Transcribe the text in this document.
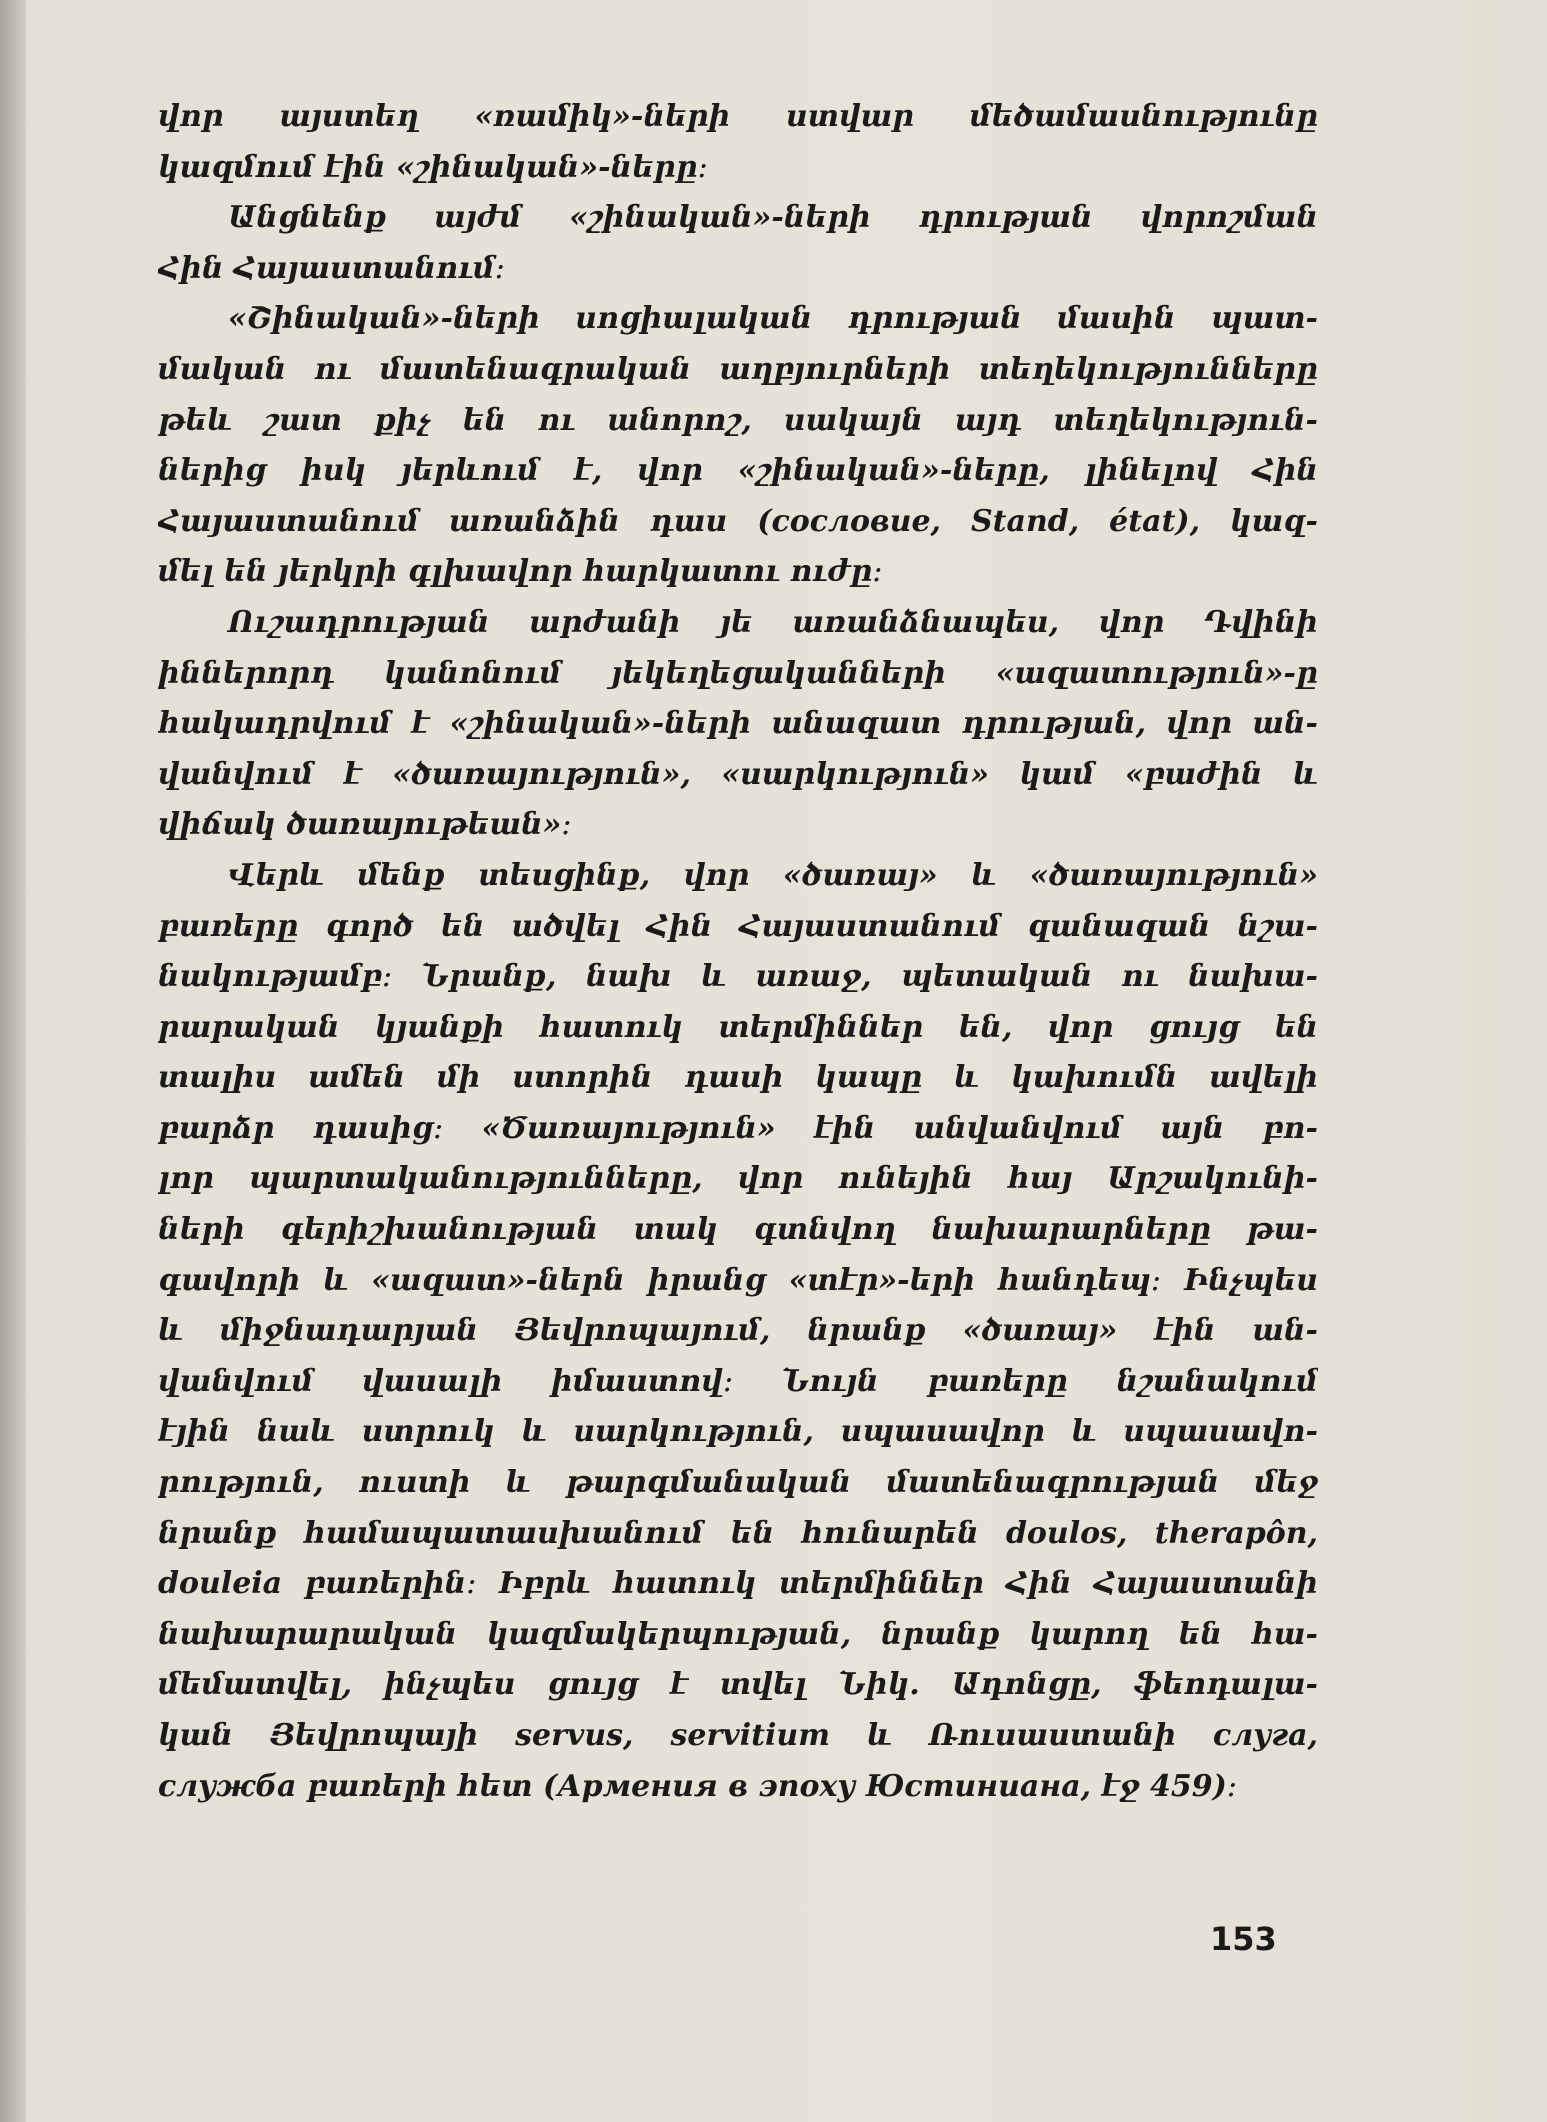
վոր այստեղ «ռամիկ»-ների ստվար մեծամասնությունը
կազմում էին «շինական»-ները։
Անցնենք այժմ «շինական»-ների դրության վորոշման
Հին Հայաստանում։
«Շինական»-ների սոցիալական դրության մասին պատ-
մական ու մատենագրական աղբյուրների տեղեկությունները
թեև շատ քիչ են ու անորոշ, սակայն այդ տեղեկություն-
ներից իսկ յերևում է, վոր «շինական»-ները, լինելով Հին
Հայաստանում առանձին դաս (сословие, Stand, état), կազ-
մել են յերկրի գլխավոր հարկատու ուժը։
Ուշադրության արժանի յե առանձնապես, վոր Դվինի
իններորդ կանոնում յեկեղեցականների «ազատություն»-ը
հակադրվում է «շինական»-ների անազատ դրության, վոր ան-
վանվում է «ծառայություն», «սարկություն» կամ «բաժին և
վիճակ ծառայութեան»։
Վերև մենք տեսցինք, վոր «ծառայ» և «ծառայություն»
բառերը գործ են ածվել Հին Հայաստանում զանազան նշա-
նակությամբ։ Նրանք, նախ և առաջ, պետական ու նախա-
րարական կյանքի հատուկ տերմիններ են, վոր ցույց են
տալիս ամեն մի ստորին դասի կապը և կախումն ավելի
բարձր դասից։ «Ծառայություն» էին անվանվում այն բո-
լոր պարտականությունները, վոր ունեյին հայ Արշակունի-
ների գերիշխանության տակ գտնվող նախարարները թա-
գավորի և «ազատ»-ներն իրանց «տէր»-երի հանդեպ։ Ինչպես
և միջնադարյան Յեվրոպայում, նրանք «ծառայ» էին ան-
վանվում վասալի իմաստով։ Նույն բառերը նշանակում
էյին նաև ստրուկ և սարկություն, սպասավոր և սպասավո-
րություն, ուստի և թարգմանական մատենագրության մեջ
նրանք համապատասխանում են հունարեն doulos, therapôn,
douleia բառերին։ Իբրև հատուկ տերմիններ Հին Հայաստանի
նախարարական կազմակերպության, նրանք կարող են հա-
մեմատվել, ինչպես ցույց է տվել Նիկ. Ադոնցը, ֆեոդալա-
կան Յեվրոպայի servus, servitium և Ռուսաստանի слуга,
служба բառերի հետ (Армения в эпоху Юстиниана, էջ 459)։
153
